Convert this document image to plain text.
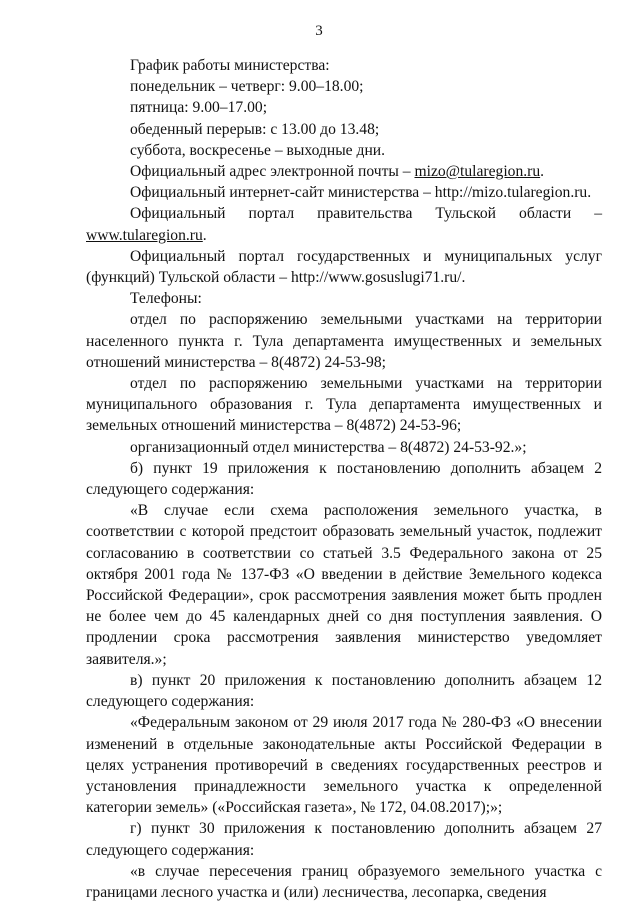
3

График работы министерства:

понедельник – четверг: 9.00–18.00;

пятница: 9.00–17.00;

обеденный перерыв: с 13.00 до 13.48;

суббота, воскресенье – выходные дни.

Официальный адрес электронной почты – mizo@tularegion.ru.

Официальный интернет-сайт министерства – http://mizo.tularegion.ru.

Официальный портал правительства Тульской области – www.tularegion.ru.

Официальный портал государственных и муниципальных услуг (функций) Тульской области – http://www.gosuslugi71.ru/.

Телефоны:

отдел по распоряжению земельными участками на территории населенного пункта г. Тула департамента имущественных и земельных отношений министерства – 8(4872) 24-53-98;

отдел по распоряжению земельными участками на территории муниципального образования г. Тула департамента имущественных и земельных отношений министерства – 8(4872) 24-53-96;

организационный отдел министерства – 8(4872) 24-53-92.»;

б) пункт 19 приложения к постановлению дополнить абзацем 2 следующего содержания:

«В случае если схема расположения земельного участка, в соответствии с которой предстоит образовать земельный участок, подлежит согласованию в соответствии со статьей 3.5 Федерального закона от 25 октября 2001 года № 137-ФЗ «О введении в действие Земельного кодекса Российской Федерации», срок рассмотрения заявления может быть продлен не более чем до 45 календарных дней со дня поступления заявления. О продлении срока рассмотрения заявления министерство уведомляет заявителя.»;

в) пункт 20 приложения к постановлению дополнить абзацем 12 следующего содержания:

«Федеральным законом от 29 июля 2017 года № 280-ФЗ «О внесении изменений в отдельные законодательные акты Российской Федерации в целях устранения противоречий в сведениях государственных реестров и установления принадлежности земельного участка к определенной категории земель» («Российская газета», № 172, 04.08.2017);»;

г) пункт 30 приложения к постановлению дополнить абзацем 27 следующего содержания:

«в случае пересечения границ образуемого земельного участка с границами лесного участка и (или) лесничества, лесопарка, сведения
